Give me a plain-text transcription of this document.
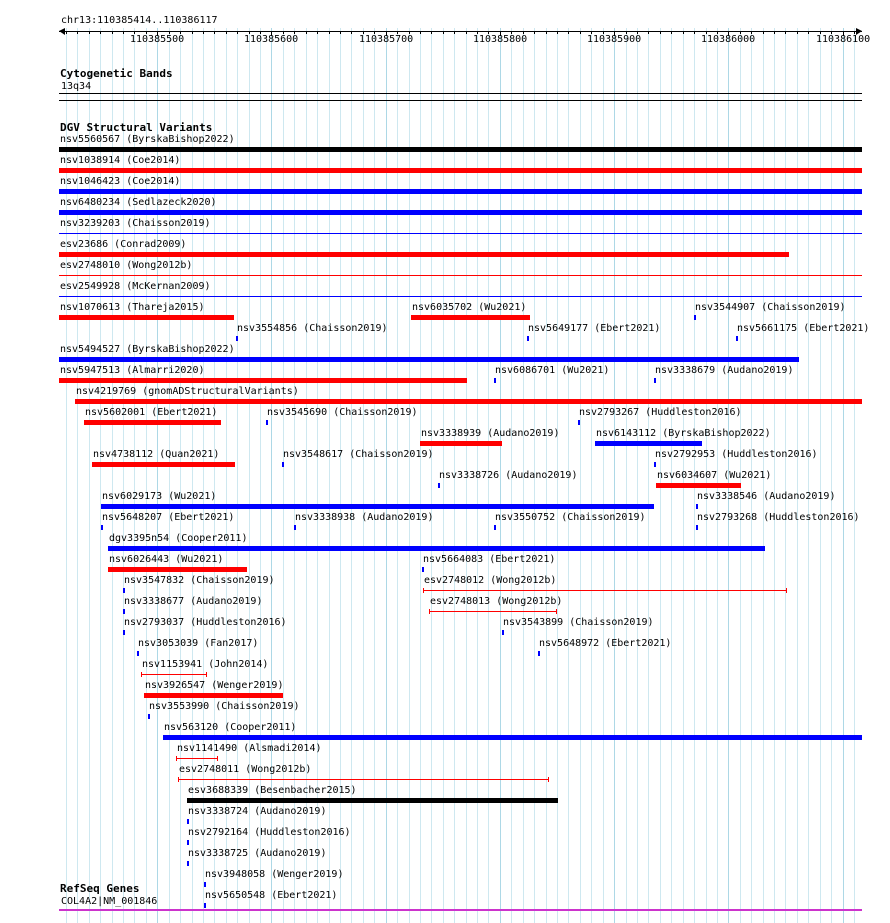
chr13:110385414..110386117
110385500	110385600	110385700	110385800	110385900	110386000	110386100
Cytogenetic Bands
13q34
DGV Structural Variants
nsv5560567 (ByrskaBishop2022)
nsv1038914 (Coe2014)
nsv1046423 (Coe2014)
nsv6480234 (Sedlazeck2020)
nsv3239203 (Chaisson2019)
esv23686 (Conrad2009)
esv2748010 (Wong2012b)
esv2549928 (McKernan2009)
nsv1070613 (Thareja2015)
nsv3554856 (Chaisson2019)
nsv6035702 (Wu2021)
nsv5649177 (Ebert2021)
nsv3544907 (Chaisson2019)
nsv5494527 (ByrskaBishop2022)
nsv5947513 (Almarri2020)	nsv6086701 (Wu2021)	nsv3338679 (Audano2019)
nsv4219769 (gnomADStructuralVariants)
nsv5602001 (Ebert2021)	nsv3545690 (Chaisson2019)
nsv3338939 (Audano2019)
nsv2793267 (Huddleston2016)
nsv5661175 (Ebert2021)
nsv4738112 (Quan2021)	nsv3548617 (Chaisson2019)
nsv3338726 (Audano2019)
nsv6143112 (ByrskaBishop2022)
nsv6029173 (Wu2021)
nsv2792953 (Huddleston2016)
nsv5648207 (Ebert2021)	nsv3338938 (Audano2019)	nsv3550752 (Chaisson2019)
nsv6034607 (Wu2021)
dgv3395n54 (Cooper2011)
nsv6026443 (Wu2021)	nsv5664083 (Ebert2021)
nsv3338546 (Audano2019)
nsv3547832 (Chaisson2019)	esv2748012 (Wong2012b)
nsv3338677 (Audano2019)	esv2748013 (Wong2012b)
nsv2793268 (Huddleston2016)
nsv2793037 (Huddleston2016)	nsv3543899 (Chaisson2019)
nsv3053039 (Fan2017)	nsv5648972 (Ebert2021)
nsv1153941 (John2014)
nsv3926547 (Wenger2019)
nsv3553990 (Chaisson2019)
nsv563120 (Cooper2011)
nsv1141490 (Alsmadi2014)
esv2748011 (Wong2012b)
esv3688339 (Besenbacher2015)
nsv3338724 (Audano2019)
nsv2792164 (Huddleston2016)
nsv3338725 (Audano2019)
nsv3948058 (Wenger2019)
nsv5650548 (Ebert2021)
RefSeq Genes
COL4A2|NM_001846
